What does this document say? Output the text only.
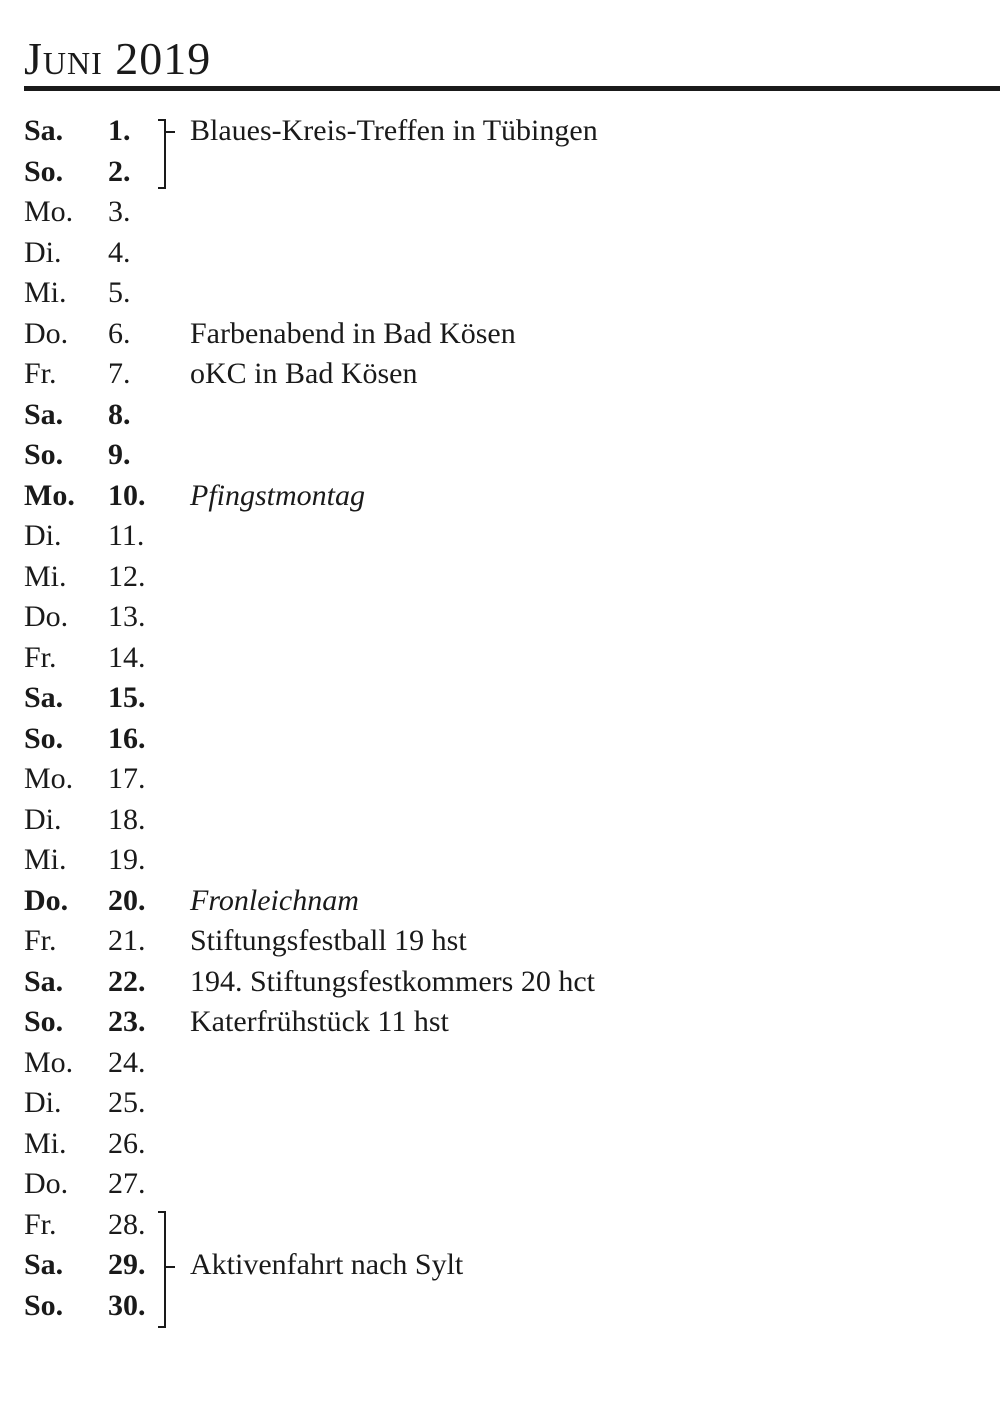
Juni 2019
Sa. 1. Blaues-Kreis-Treffen in Tübingen
So. 2.
Mo. 3.
Di. 4.
Mi. 5.
Do. 6. Farbenabend in Bad Kösen
Fr. 7. oKC in Bad Kösen
Sa. 8.
So. 9.
Mo. 10. Pfingstmontag
Di. 11.
Mi. 12.
Do. 13.
Fr. 14.
Sa. 15.
So. 16.
Mo. 17.
Di. 18.
Mi. 19.
Do. 20. Fronleichnam
Fr. 21. Stiftungsfestball 19 hst
Sa. 22. 194. Stiftungsfestkommers 20 hct
So. 23. Katerfrühstück 11 hst
Mo. 24.
Di. 25.
Mi. 26.
Do. 27.
Fr. 28.
Sa. 29. Aktivenfahrt nach Sylt
So. 30.
